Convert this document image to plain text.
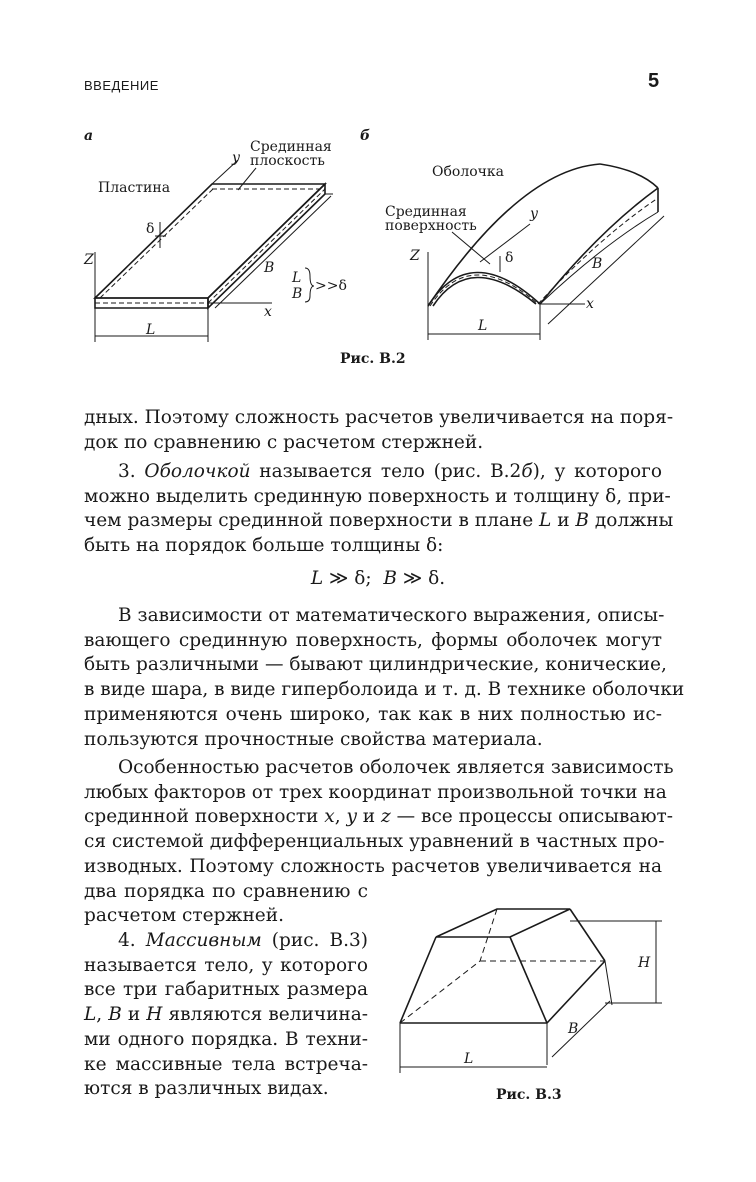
ВВЕДЕНИЕ	5
а
Пластина
Срединная
плоскость
y
Z
x
δ
B
L
L
B >>δ
б
Оболочка
Срединная
поверхность
y
Z
x
δ	B
L
Рис. В.2
дных. Поэтому сложность расчетов увеличивается на поря-
док по сравнению с расчетом стержней.
3. Оболочкой называется тело (рис. В.2б), у которого
можно выделить срединную поверхность и толщину δ, при-
чем размеры срединной поверхности в плане L и B должны
быть на порядок больше толщины δ:
L ≫ δ;  B ≫ δ.
В зависимости от математического выражения, описы-
вающего срединную поверхность, формы оболочек могут
быть различными — бывают цилиндрические, конические,
в виде шара, в виде гиперболоида и т. д. В технике оболочки
применяются очень широко, так как в них полностью ис-
пользуются прочностные свойства материала.
Особенностью расчетов оболочек является зависимость
любых факторов от трех координат произвольной точки на
срединной поверхности x, y и z — все процессы описывают-
ся системой дифференциальных уравнений в частных про-
изводных. Поэтому сложность расчетов увеличивается на
два порядка по сравнению с
расчетом стержней.
4. Массивным (рис. В.3)
называется тело, у которого
все три габаритных размера
L, B и H являются величина-
ми одного порядка. В техни-
ке массивные тела встреча-
ются в различных видах.
H
B
L
Рис. В.3
